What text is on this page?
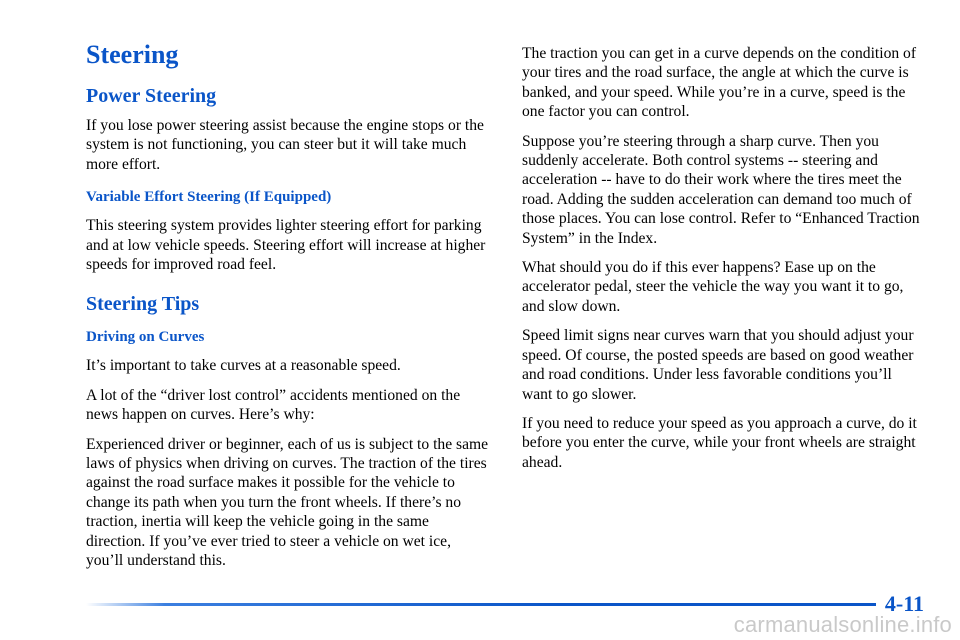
Steering
Power Steering

If you lose power steering assist because the engine stops or the system is not functioning, you can steer but it will take much more effort.

Variable Effort Steering (If Equipped)

This steering system provides lighter steering effort for parking and at low vehicle speeds. Steering effort will increase at higher speeds for improved road feel.

Steering Tips
Driving on Curves

It’s important to take curves at a reasonable speed.

A lot of the “driver lost control” accidents mentioned on the news happen on curves. Here’s why:

Experienced driver or beginner, each of us is subject to the same laws of physics when driving on curves. The traction of the tires against the road surface makes it possible for the vehicle to change its path when you turn the front wheels. If there’s no traction, inertia will keep the vehicle going in the same direction. If you’ve ever tried to steer a vehicle on wet ice, you’ll understand this.

The traction you can get in a curve depends on the condition of your tires and the road surface, the angle at which the curve is banked, and your speed. While you’re in a curve, speed is the one factor you can control.

Suppose you’re steering through a sharp curve. Then you suddenly accelerate. Both control systems -- steering and acceleration -- have to do their work where the tires meet the road. Adding the sudden acceleration can demand too much of those places. You can lose control. Refer to “Enhanced Traction System” in the Index.

What should you do if this ever happens? Ease up on the accelerator pedal, steer the vehicle the way you want it to go, and slow down.

Speed limit signs near curves warn that you should adjust your speed. Of course, the posted speeds are based on good weather and road conditions. Under less favorable conditions you’ll want to go slower.

If you need to reduce your speed as you approach a curve, do it before you enter the curve, while your front wheels are straight ahead.

4-11
carmanualsonline.info
